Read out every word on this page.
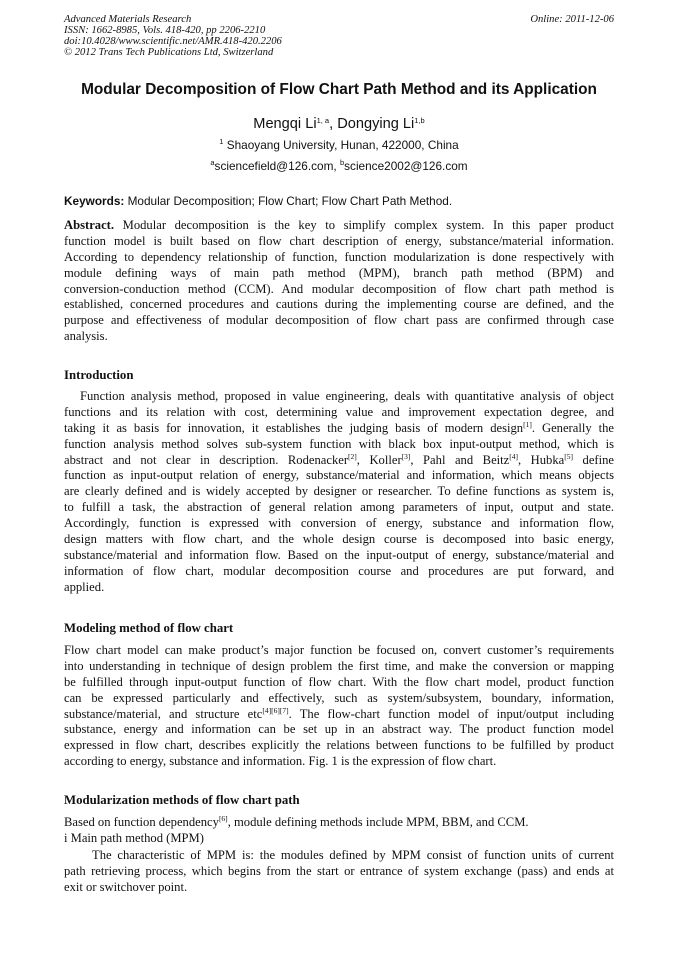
Advanced Materials Research
ISSN: 1662-8985, Vols. 418-420, pp 2206-2210
doi:10.4028/www.scientific.net/AMR.418-420.2206
© 2012 Trans Tech Publications Ltd, Switzerland
Online: 2011-12-06
Modular Decomposition of Flow Chart Path Method and its Application
Mengqi Li$^{1, a}$, Dongying Li$^{1,b}$
$^1$ Shaoyang University, Hunan, 422000, China
$^a$sciencefield@126.com, $^b$science2002@126.com
Keywords: Modular Decomposition; Flow Chart; Flow Chart Path Method.
Abstract. Modular decomposition is the key to simplify complex system. In this paper product
function model is built based on flow chart description of energy, substance/material information.
According to dependency relationship of function, function modularization is done respectively with
module defining ways of main path method (MPM), branch path method (BPM) and
conversion-conduction method (CCM). And modular decomposition of flow chart path method is
established, concerned procedures and cautions during the implementing course are defined, and the
purpose and effectiveness of modular decomposition of flow chart pass are confirmed through case
analysis.
Introduction
Function analysis method, proposed in value engineering, deals with quantitative analysis of object
functions and its relation with cost, determining value and improvement expectation degree, and
taking it as basis for innovation, it establishes the judging basis of modern design[1]. Generally the
function analysis method solves sub-system function with black box input-output method, which is
abstract and not clear in description. Rodenacker[2], Koller[3], Pahl and Beitz[4], Hubka[5] define
function as input-output relation of energy, substance/material and information, which means objects
are clearly defined and is widely accepted by designer or researcher. To define functions as system is,
to fulfill a task, the abstraction of general relation among parameters of input, output and state.
Accordingly, function is expressed with conversion of energy, substance and information flow,
design matters with flow chart, and the whole design course is decomposed into basic energy,
substance/material and information flow. Based on the input-output of energy, substance/material and
information of flow chart, modular decomposition course and procedures are put forward, and
applied.
Modeling method of flow chart
Flow chart model can make product’s major function be focused on, convert customer’s requirements
into understanding in technique of design problem the first time, and make the conversion or mapping
be fulfilled through input-output function of flow chart. With the flow chart model, product function
can be expressed particularly and effectively, such as system/subsystem, boundary, information,
substance/material, and structure etc[4][6][7]. The flow-chart function model of input/output including
substance, energy and information can be set up in an abstract way. The product function model
expressed in flow chart, describes explicitly the relations between functions to be fulfilled by product
according to energy, substance and information. Fig. 1 is the expression of flow chart.
Modularization methods of flow chart path
Based on function dependency[6], module defining methods include MPM, BBM, and CCM.
i Main path method (MPM)
The characteristic of MPM is: the modules defined by MPM consist of function units of current
path retrieving process, which begins from the start or entrance of system exchange (pass) and ends at
exit or switchover point.
